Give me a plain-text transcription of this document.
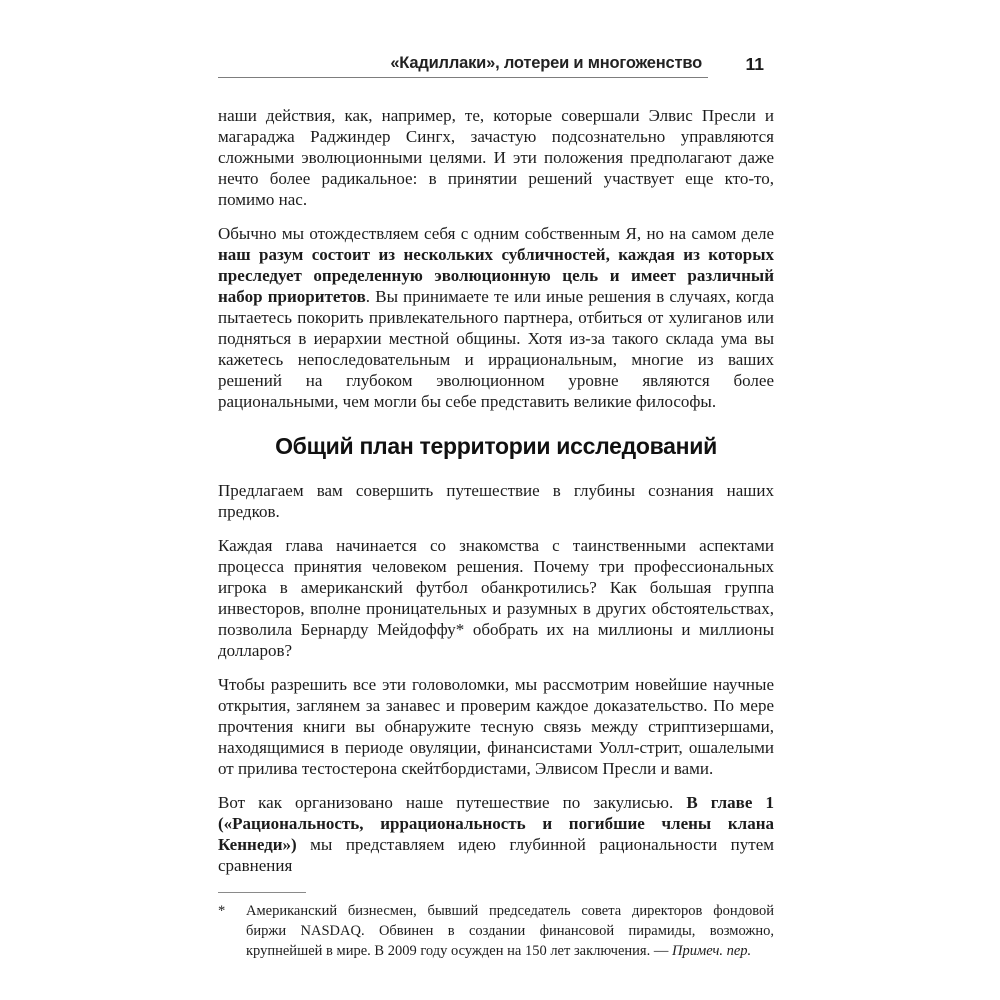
«Кадиллаки», лотереи и многоженство	11

наши действия, как, например, те, которые совершали Элвис Пресли и магараджа Раджиндер Сингх, зачастую подсознательно управляются сложными эволюционными целями. И эти положения предполагают даже нечто более радикальное: в принятии решений участвует еще кто-то, помимо нас.

Обычно мы отождествляем себя с одним собственным Я, но на самом деле наш разум состоит из нескольких субличностей, каждая из которых преследует определенную эволюционную цель и имеет различный набор приоритетов. Вы принимаете те или иные решения в случаях, когда пытаетесь покорить привлекательного партнера, отбиться от хулиганов или подняться в иерархии местной общины. Хотя из-за такого склада ума вы кажетесь непоследовательным и иррациональным, многие из ваших решений на глубоком эволюционном уровне являются более рациональными, чем могли бы себе представить великие философы.

Общий план территории исследований

Предлагаем вам совершить путешествие в глубины сознания наших предков.

Каждая глава начинается со знакомства с таинственными аспектами процесса принятия человеком решения. Почему три профессиональных игрока в американский футбол обанкротились? Как большая группа инвесторов, вполне проницательных и разумных в других обстоятельствах, позволила Бернарду Мейдоффу* обобрать их на миллионы и миллионы долларов?

Чтобы разрешить все эти головоломки, мы рассмотрим новейшие научные открытия, заглянем за занавес и проверим каждое доказательство. По мере прочтения книги вы обнаружите тесную связь между стриптизершами, находящимися в периоде овуляции, финансистами Уолл-стрит, ошалелыми от прилива тестостерона скейтбордистами, Элвисом Пресли и вами.

Вот как организовано наше путешествие по закулисью. В главе 1 («Рациональность, иррациональность и погибшие члены клана Кеннеди») мы представляем идею глубинной рациональности путем сравнения

*	Американский бизнесмен, бывший председатель совета директоров фондовой биржи NASDAQ. Обвинен в создании финансовой пирамиды, возможно, крупнейшей в мире. В 2009 году осужден на 150 лет заключения. — Примеч. пер.
